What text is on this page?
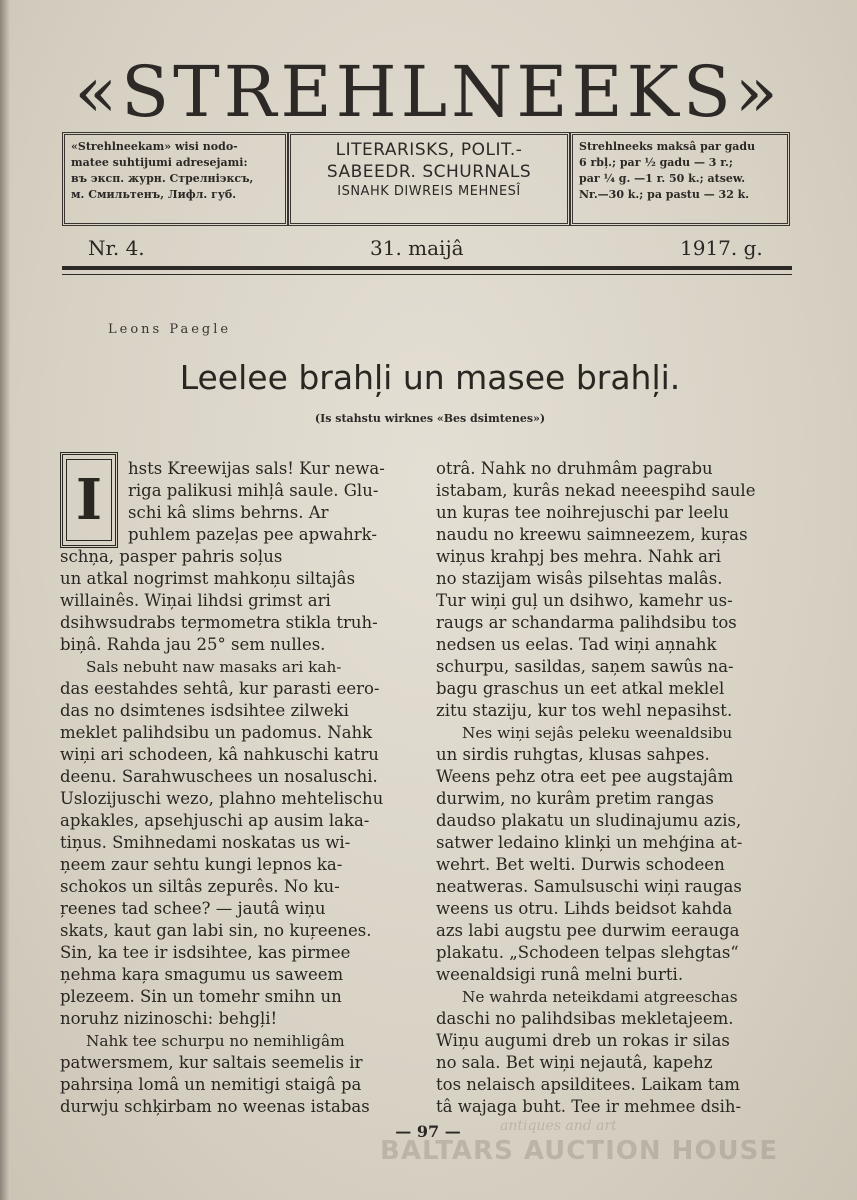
«STREHLNEEKS»
«Strehlneekam» wisi nodo-
matee suhtijumi adresejami:
въ эксп. журн. Стрелнiэксъ,
м. Смильтенъ, Лифл. губ.
LITERARISKS, POLIT.-
SABEEDR. SCHURNALS
ISNAHK DIWREIS MEHNESÎ
Strehlneeks maksâ par gadu
6 rbļ.; par ½ gadu — 3 r.;
par ¼ g. —1 r. 50 k.; atsew.
Nr.—30 k.; pa pastu — 32 k.
Nr. 4.	31. maijâ	1917. g.
Leons Paegle
Leelee brahļi un masee brahļi.
(Is stahstu wirknes «Bes dsimtenes»)
I	hsts Kreewijas sals! Kur newa-
riga palikusi mihļâ saule. Glu-
schi kâ slims behrns. Ar
puhlem pazeļas pee apwahrk-
schņa, pasper pahris soļus
un atkal nogrimst mahkoņu siltajâs
willainês. Wiņai lihdsi grimst ari
dsihwsudrabs teŗmometra stikla truh-
biņâ. Rahda jau 25° sem nulles.
Sals nebuht naw masaks ari kah-
das eestahdes sehtâ, kur parasti eero-
das no dsimtenes isdsihtee zilweki
meklet palihdsibu un padomus. Nahk
wiņi ari schodeen, kâ nahkuschi katru
deenu. Sarahwuschees un nosaluschi.
Uslozijuschi wezo, plahno mehtelischu
apkakles, apsehjuschi ap ausim laka-
tiņus. Smihnedami noskatas us wi-
ņeem zaur sehtu kungi lepnos ka-
schokos un siltâs zepurês. No ku-
ŗeenes tad schee? — jautâ wiņu
skats, kaut gan labi sin, no kuŗeenes.
Sin, ka tee ir isdsihtee, kas pirmee
ņehma kaŗa smagumu us saweem
plezeem. Sin un tomehr smihn un
noruhz nizinoschi: behgļi!
Nahk tee schurpu no nemihligâm
patwersmem, kur saltais seemelis ir
pahrsiņa lomâ un nemitigi staigâ pa
durwju schķirbam no weenas istabas
otrâ. Nahk no druhmâm pagrabu
istabam, kurâs nekad neeespihd saule
un kuŗas tee noihrejuschi par leelu
naudu no kreewu saimneezem, kuŗas
wiņus krahpj bes mehra. Nahk ari
no stazijam wisâs pilsehtas malâs.
Tur wiņi guļ un dsihwo, kamehr us-
raugs ar schandarma palihdsibu tos
nedsen us eelas. Tad wiņi aņnahk
schurpu, sasildas, saņem sawûs na-
bagu graschus un eet atkal meklel
zitu staziju, kur tos wehl nepasihst.
Nes wiņi sejâs peleku weenaldsibu
un sirdis ruhgtas, klusas sahpes.
Weens pehz otra eet pee augstajâm
durwim, no kurâm pretim rangas
daudso plakatu un sludinajumu azis,
satwer ledaino klinķi un mehģina at-
wehrt. Bet welti. Durwis schodeen
neatweras. Samulsuschi wiņi raugas
weens us otru. Lihds beidsot kahda
azs labi augstu pee durwim eerauga
plakatu. „Schodeen telpas slehgtas“
weenaldsigi runâ melni burti.
Ne wahrda neteikdami atgreeschas
daschi no palihdsibas mekletajeem.
Wiņu augumi dreb un rokas ir silas
no sala. Bet wiņi nejautâ, kapehz
tos nelaisch apsilditees. Laikam tam
tâ wajaga buht. Tee ir mehmee dsih-
antiques and art
— 97 —
BALTARS AUCTION HOUSE
